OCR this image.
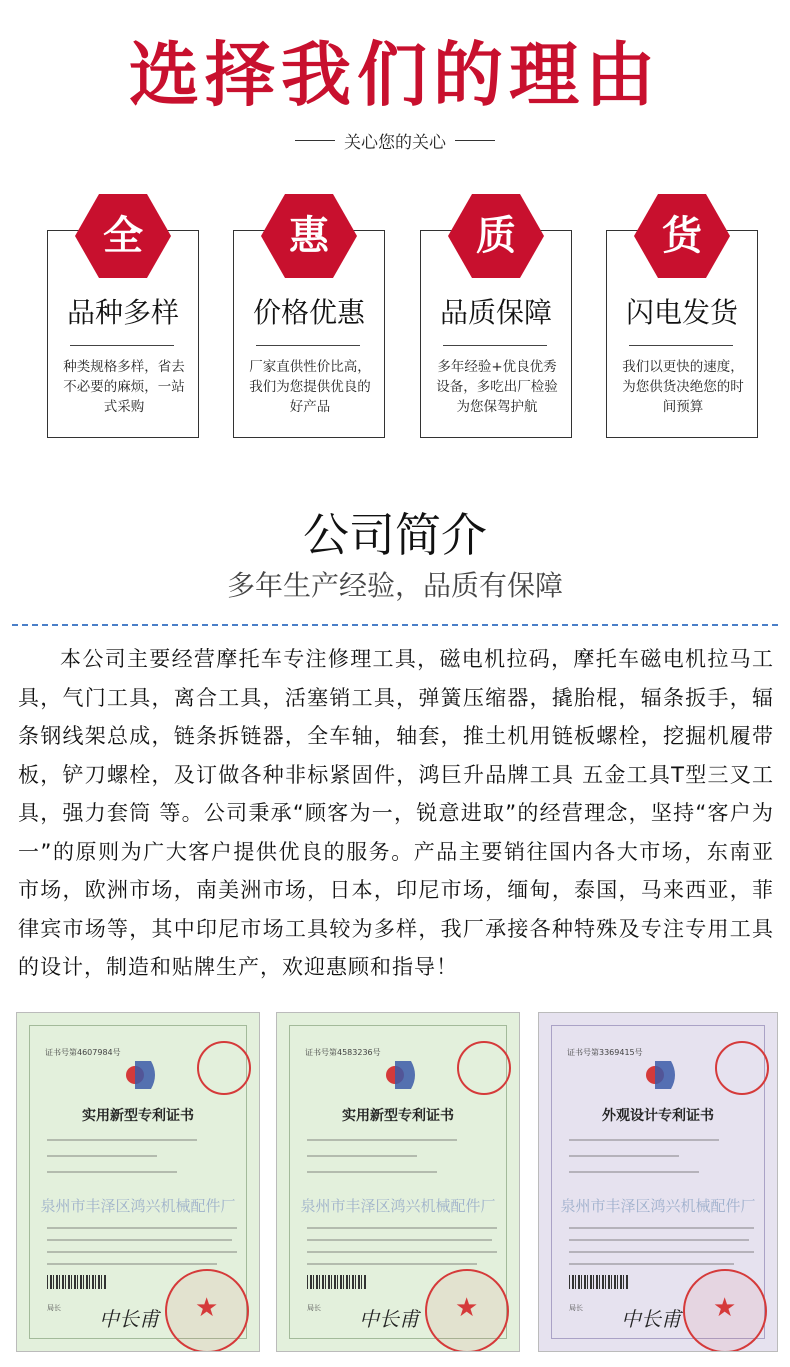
选择我们的理由
关心您的关心
品种多样
种类规格多样，省去不必要的麻烦，一站式采购
价格优惠
厂家直供性价比高，我们为您提供优良的好产品
品质保障
多年经验+优良优秀设备，多吃出厂检验为您保驾护航
闪电发货
我们以更快的速度，为您供货决绝您的时间预算
全	惠	质	货
公司简介
多年生产经验，品质有保障
本公司主要经营摩托车专注修理工具，磁电机拉码，摩托车磁电机拉马工具，气门工具，离合工具，活塞销工具，弹簧压缩器，撬胎棍，辐条扳手，辐条钢线架总成，链条拆链器，全车轴，轴套，推土机用链板螺栓，挖掘机履带板，铲刀螺栓，及订做各种非标紧固件，鸿巨升品牌工具 五金工具T型三叉工具，强力套筒 等。公司秉承“顾客为一，锐意进取”的经营理念，坚持“客户为一”的原则为广大客户提供优良的服务。产品主要销往国内各大市场，东南亚市场，欧洲市场，南美洲市场，日本，印尼市场，缅甸，泰国，马来西亚，菲律宾市场等，其中印尼市场工具较为多样，我厂承接各种特殊及专注专用工具的设计，制造和贴牌生产，欢迎惠顾和指导！
证书号第4607984号
实用新型专利证书
泉州市丰泽区鸿兴机械配件厂
局长 中长甫 ★
证书号第4583236号
实用新型专利证书
泉州市丰泽区鸿兴机械配件厂
局长 中长甫 ★
证书号第3369415号
外观设计专利证书
泉州市丰泽区鸿兴机械配件厂
局长 中长甫 ★
